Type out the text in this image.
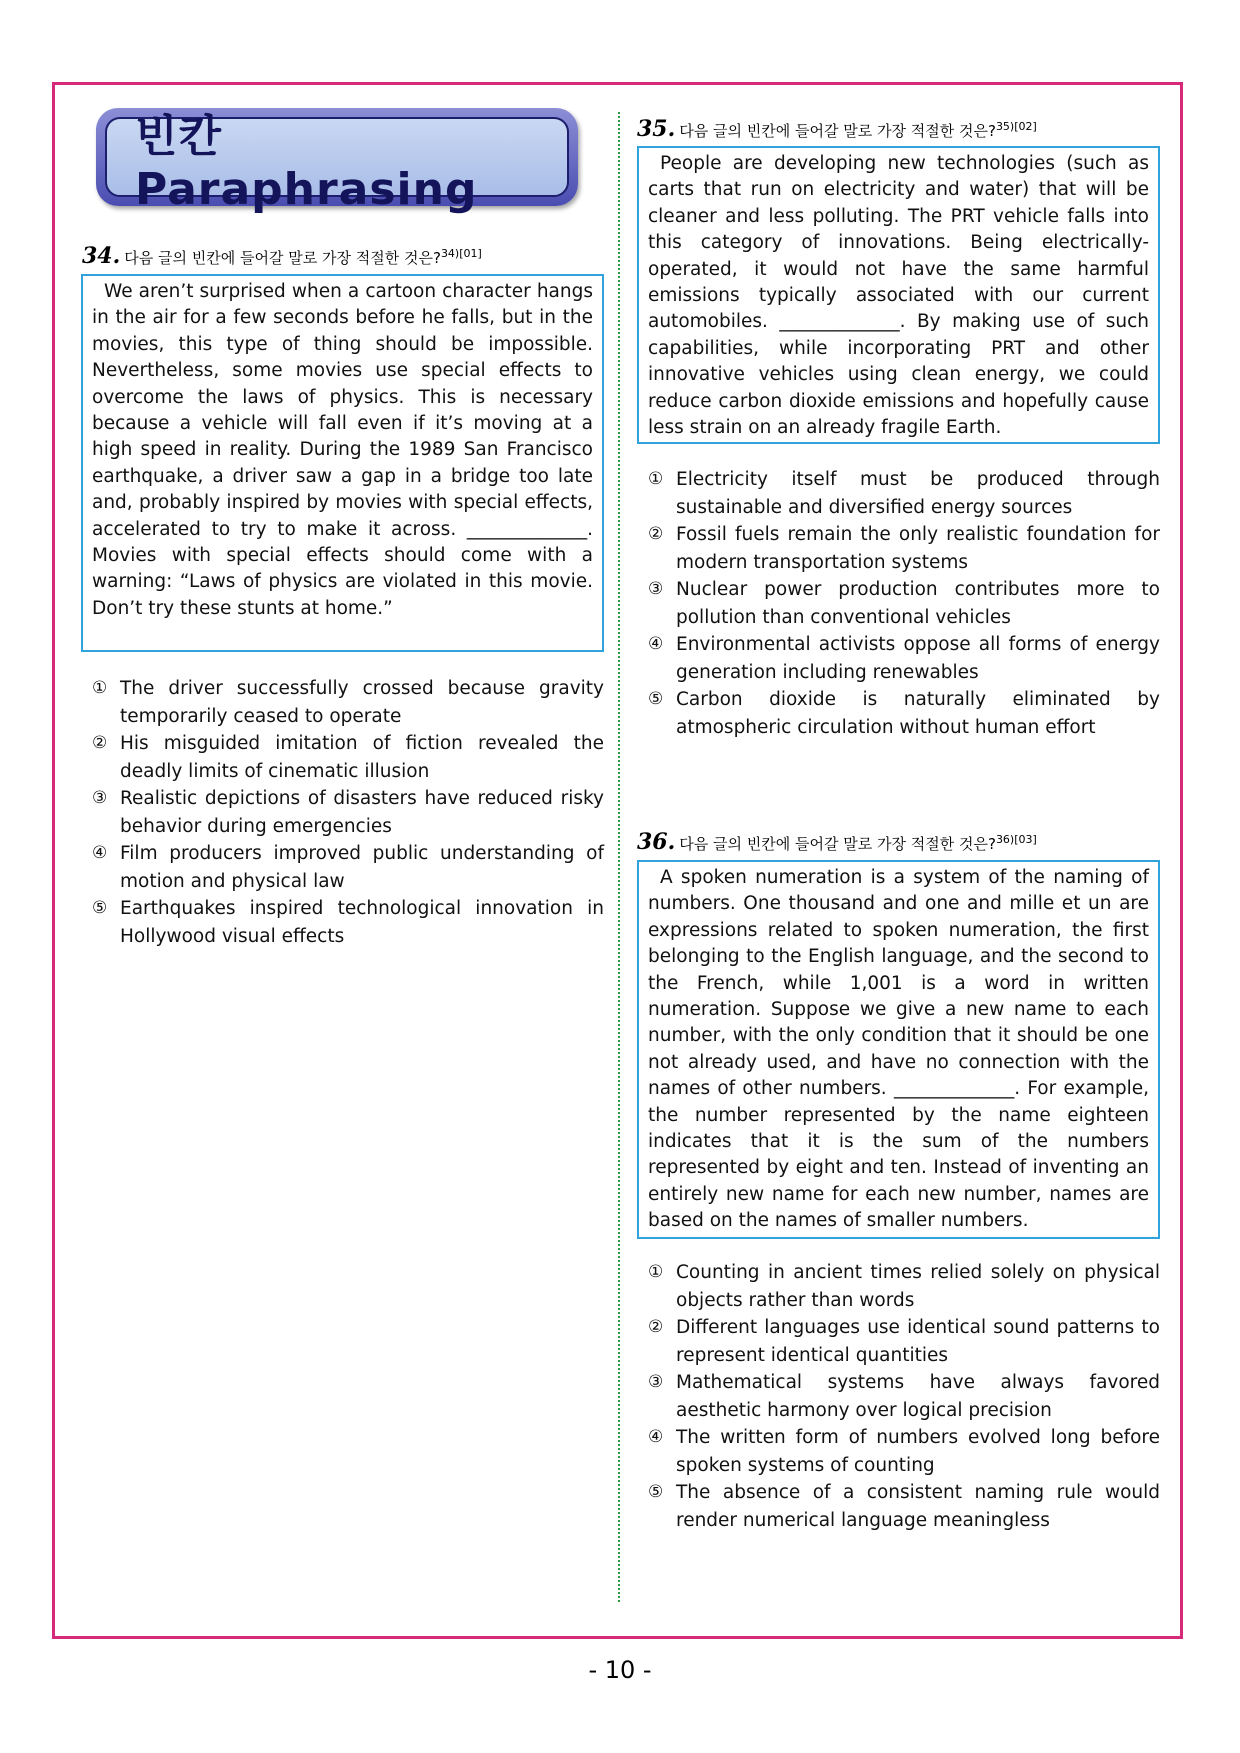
빈칸 Paraphrasing
34. 다음 글의 빈칸에 들어갈 말로 가장 적절한 것은?$^{34)[01]}$

We aren’t surprised when a cartoon character hangs in the air for a few seconds before he falls, but in the movies, this type of thing should be impossible. Nevertheless, some movies use special effects to overcome the laws of physics. This is necessary because a vehicle will fall even if it’s moving at a high speed in reality. During the 1989 San Francisco earthquake, a driver saw a gap in a bridge too late and, probably inspired by movies with special effects, accelerated to try to make it across. _____________. Movies with special effects should come with a warning: “Laws of physics are violated in this movie. Don’t try these stunts at home.”

① The driver successfully crossed because gravity temporarily ceased to operate
② His misguided imitation of fiction revealed the deadly limits of cinematic illusion
③ Realistic depictions of disasters have reduced risky behavior during emergencies
④ Film producers improved public understanding of motion and physical law
⑤ Earthquakes inspired technological innovation in Hollywood visual effects
35. 다음 글의 빈칸에 들어갈 말로 가장 적절한 것은?$^{35)[02]}$

People are developing new technologies (such as carts that run on electricity and water) that will be cleaner and less polluting. The PRT vehicle falls into this category of innovations. Being electrically-operated, it would not have the same harmful emissions typically associated with our current automobiles. _____________. By making use of such capabilities, while incorporating PRT and other innovative vehicles using clean energy, we could reduce carbon dioxide emissions and hopefully cause less strain on an already fragile Earth.

① Electricity itself must be produced through sustainable and diversified energy sources
② Fossil fuels remain the only realistic foundation for modern transportation systems
③ Nuclear power production contributes more to pollution than conventional vehicles
④ Environmental activists oppose all forms of energy generation including renewables
⑤ Carbon dioxide is naturally eliminated by atmospheric circulation without human effort
36. 다음 글의 빈칸에 들어갈 말로 가장 적절한 것은?$^{36)[03]}$

A spoken numeration is a system of the naming of numbers. One thousand and one and mille et un are expressions related to spoken numeration, the first belonging to the English language, and the second to the French, while 1,001 is a word in written numeration. Suppose we give a new name to each number, with the only condition that it should be one not already used, and have no connection with the names of other numbers. _____________. For example, the number represented by the name eighteen indicates that it is the sum of the numbers represented by eight and ten. Instead of inventing an entirely new name for each new number, names are based on the names of smaller numbers.

① Counting in ancient times relied solely on physical objects rather than words
② Different languages use identical sound patterns to represent identical quantities
③ Mathematical systems have always favored aesthetic harmony over logical precision
④ The written form of numbers evolved long before spoken systems of counting
⑤ The absence of a consistent naming rule would render numerical language meaningless
- 10 -
